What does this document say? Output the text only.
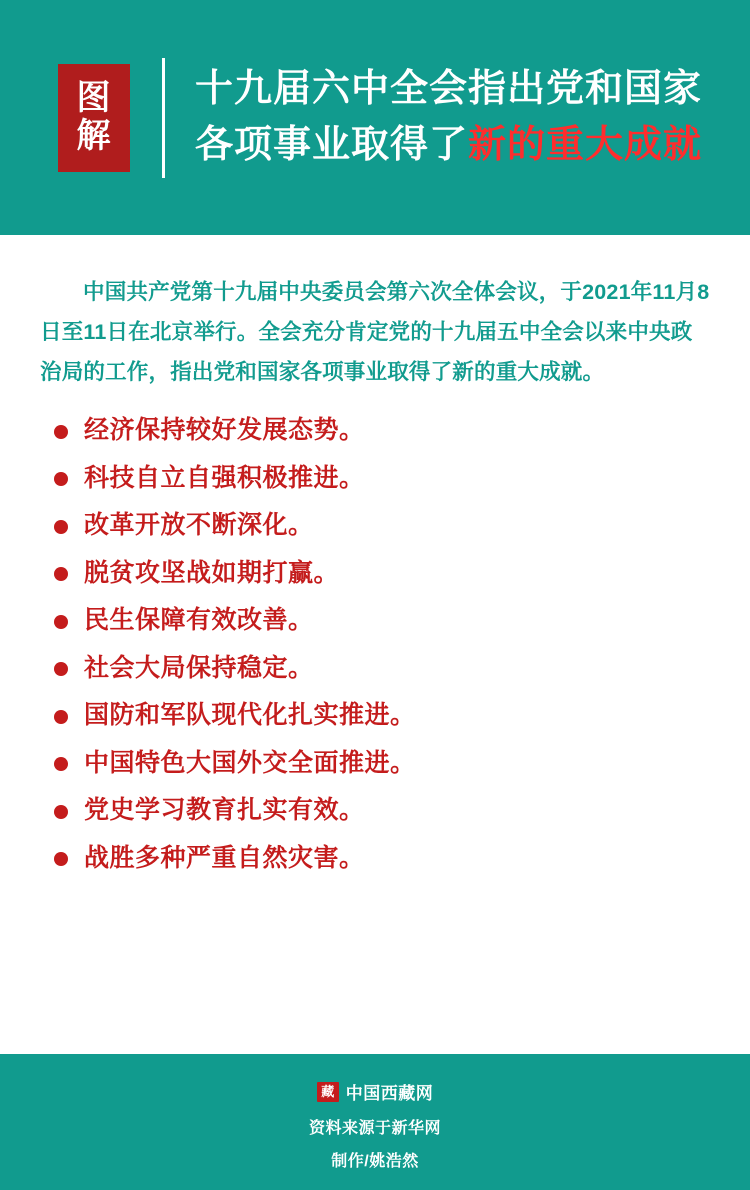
图
解
十九届六中全会指出党和国家
各项事业取得了新的重大成就

中国共产党第十九届中央委员会第六次全体会议，于2021年11月8日至11日在北京举行。全会充分肯定党的十九届五中全会以来中央政治局的工作，指出党和国家各项事业取得了新的重大成就。

经济保持较好发展态势。
科技自立自强积极推进。
改革开放不断深化。
脱贫攻坚战如期打赢。
民生保障有效改善。
社会大局保持稳定。
国防和军队现代化扎实推进。
中国特色大国外交全面推进。
党史学习教育扎实有效。
战胜多种严重自然灾害。
藏 中国西藏网
资料来源于新华网
制作/姚浩然
